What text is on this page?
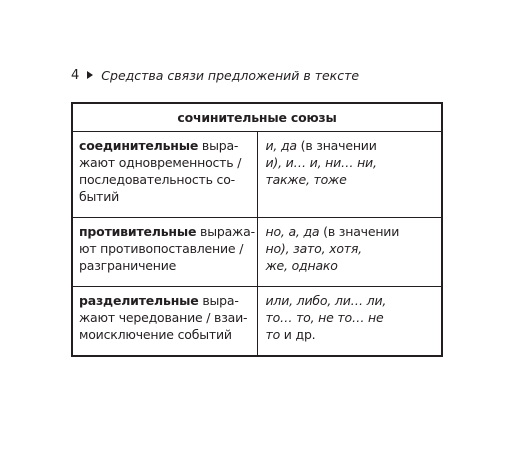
4 Средства связи предложений в тексте
сочинительные союзы	

соединительные выра-
жают одновременность /
последовательность со-
бытий	и, да (в значении
и), и… и, ни… ни,
также, тоже

противительные выража-
ют противопоставление /
разграничение	но, а, да (в значении
но), зато, хотя,
же, однако

разделительные выра-
жают чередование / взаи-
моисключение событий	или, либо, ли… ли,
то… то, не то… не
то и др.
